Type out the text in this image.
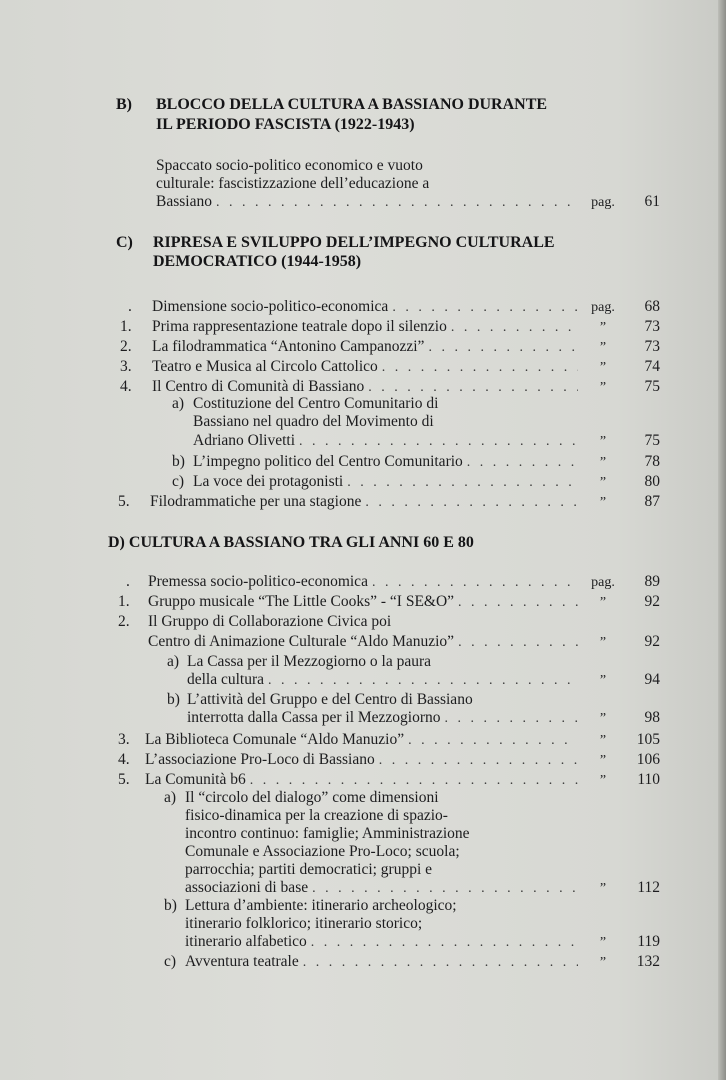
B) BLOCCO DELLA CULTURA A BASSIANO DURANTE
IL PERIODO FASCISTA (1922-1943)
Spaccato socio-politico economico e vuoto
culturale: fascistizzazione dell’educazione a
Bassiano . . .	pag.	61
C) RIPRESA E SVILUPPO DELL’IMPEGNO CULTURALE
DEMOCRATICO (1944-1958)
. Dimensione socio-politico-economica . . .	pag.	68
1. Prima rappresentazione teatrale dopo il silenzio . . .	”	73
2. La filodrammatica “Antonino Campanozzi” . . .	”	73
3. Teatro e Musica al Circolo Cattolico . . .	”	74
4. Il Centro di Comunità di Bassiano . . .	”	75
a) Costituzione del Centro Comunitario di
Bassiano nel quadro del Movimento di
Adriano Olivetti . . .	”	75
b) L’impegno politico del Centro Comunitario . . .	”	78
c) La voce dei protagonisti . . .	”	80
5. Filodrammatiche per una stagione . . .	”	87
D) CULTURA A BASSIANO TRA GLI ANNI 60 E 80
. Premessa socio-politico-economica . . .	pag.	89
1. Gruppo musicale “The Little Cooks” - “I SE&O” . . .	”	92
2. Il Gruppo di Collaborazione Civica poi
Centro di Animazione Culturale “Aldo Manuzio” . . .	”	92
a) La Cassa per il Mezzogiorno o la paura
della cultura . . .	”	94
b) L’attività del Gruppo e del Centro di Bassiano
interrotta dalla Cassa per il Mezzogiorno . . .	”	98
3. La Biblioteca Comunale “Aldo Manuzio” . . .	”	105
4. L’associazione Pro-Loco di Bassiano . . .	”	106
5. La Comunità b6 . . .	”	110
a) Il “circolo del dialogo” come dimensioni
fisico-dinamica per la creazione di spazio-
incontro continuo: famiglie; Amministrazione
Comunale e Associazione Pro-Loco; scuola;
parrocchia; partiti democratici; gruppi e
associazioni di base . . .	”	112
b) Lettura d’ambiente: itinerario archeologico;
itinerario folklorico; itinerario storico;
itinerario alfabetico . . .	”	119
c) Avventura teatrale . . .	”	132
